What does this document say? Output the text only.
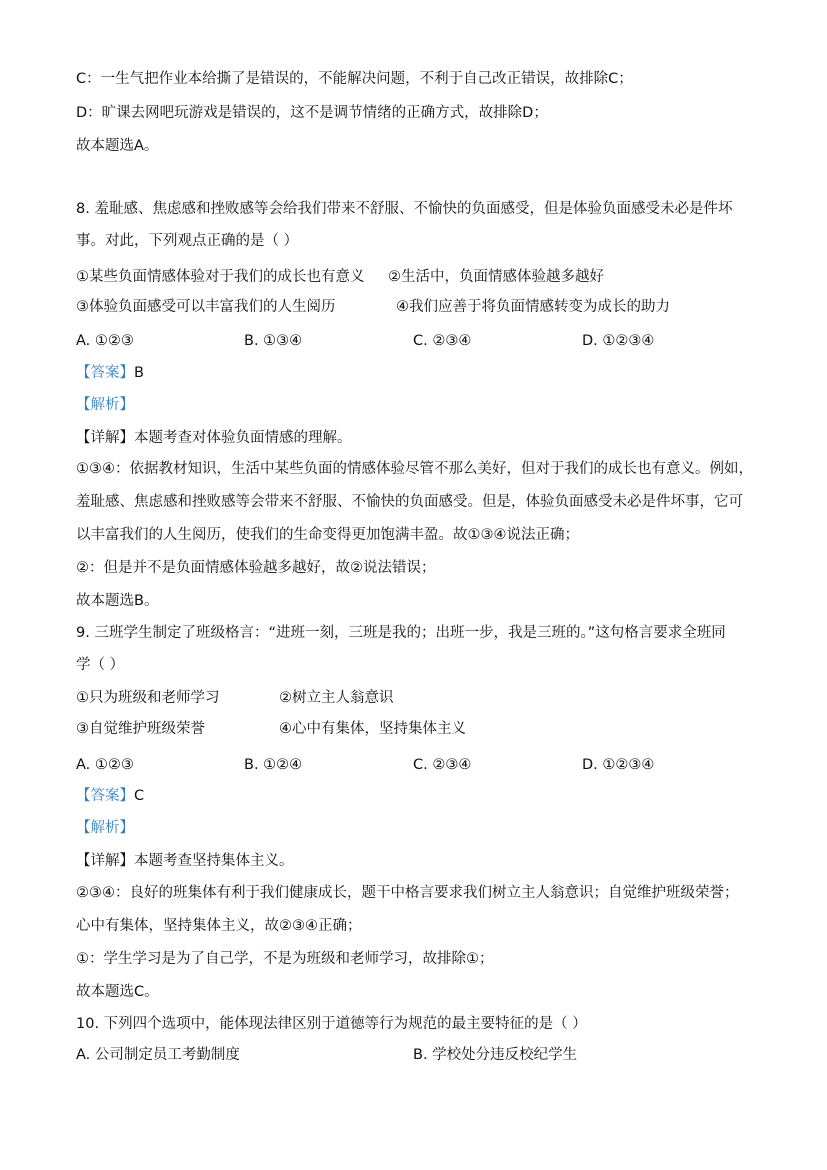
C：一生气把作业本给撕了是错误的，不能解决问题，不利于自己改正错误，故排除C；
D：旷课去网吧玩游戏是错误的，这不是调节情绪的正确方式，故排除D；
故本题选A。
8. 羞耻感、焦虑感和挫败感等会给我们带来不舒服、不愉快的负面感受，但是体验负面感受未必是件坏
事。对此，下列观点正确的是（ ）
①某些负面情感体验对于我们的成长也有意义 ②生活中，负面情感体验越多越好
③体验负面感受可以丰富我们的人生阅历	④我们应善于将负面情感转变为成长的助力
A. ①②③	B. ①③④	C. ②③④	D. ①②③④
【答案】B
【解析】
【详解】本题考查对体验负面情感的理解。
①③④：依据教材知识，生活中某些负面的情感体验尽管不那么美好，但对于我们的成长也有意义。例如，
羞耻感、焦虑感和挫败感等会带来不舒服、不愉快的负面感受。但是，体验负面感受未必是件坏事，它可
以丰富我们的人生阅历，使我们的生命变得更加饱满丰盈。故①③④说法正确；
②：但是并不是负面情感体验越多越好，故②说法错误；
故本题选B。
9. 三班学生制定了班级格言：“进班一刻，三班是我的；出班一步，我是三班的。”这句格言要求全班同
学（ ）
①只为班级和老师学习	②树立主人翁意识
③自觉维护班级荣誉	④心中有集体，坚持集体主义
A. ①②③	B. ①②④	C. ②③④	D. ①②③④
【答案】C
【解析】
【详解】本题考查坚持集体主义。
②③④：良好的班集体有利于我们健康成长，题干中格言要求我们树立主人翁意识；自觉维护班级荣誉；
心中有集体，坚持集体主义，故②③④正确；
①：学生学习是为了自己学，不是为班级和老师学习，故排除①；
故本题选C。
10. 下列四个选项中，能体现法律区别于道德等行为规范的最主要特征的是（ ）
A. 公司制定员工考勤制度	B. 学校处分违反校纪学生
